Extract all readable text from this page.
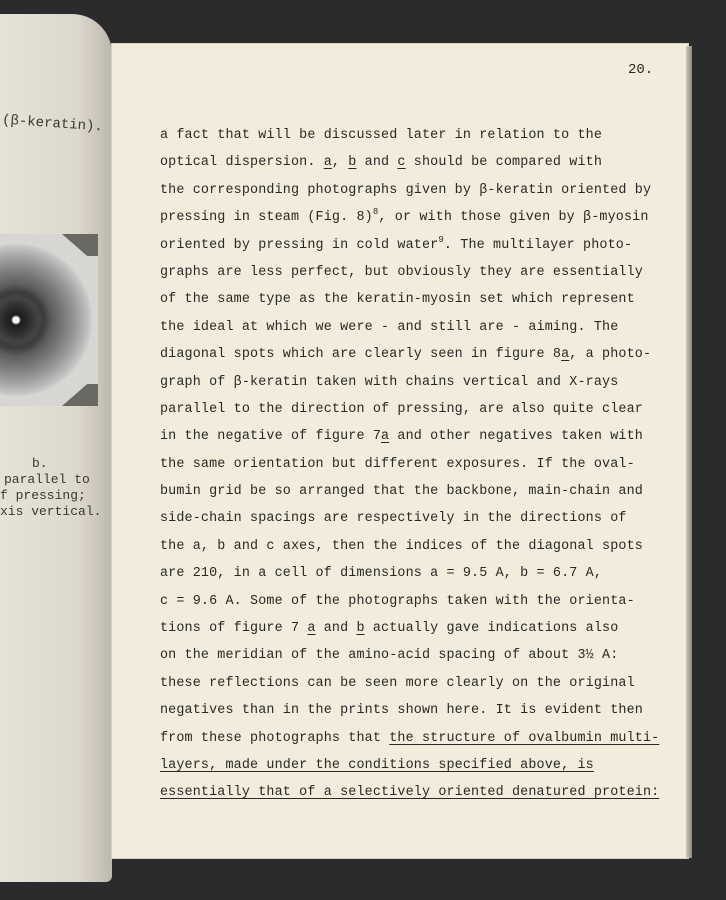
(β-keratin).
b.
parallel to
f pressing;
xis vertical.
20.
a fact that will be discussed later in relation to the
optical dispersion. a, b and c should be compared with
the corresponding photographs given by β-keratin oriented by
pressing in steam (Fig. 8)$^8$, or with those given by β-myosin
oriented by pressing in cold water$^9$. The multilayer photo-
graphs are less perfect, but obviously they are essentially
of the same type as the keratin-myosin set which represent
the ideal at which we were - and still are - aiming. The
diagonal spots which are clearly seen in figure 8a, a photo-
graph of β-keratin taken with chains vertical and X-rays
parallel to the direction of pressing, are also quite clear
in the negative of figure 7a and other negatives taken with
the same orientation but different exposures. If the oval-
bumin grid be so arranged that the backbone, main-chain and
side-chain spacings are respectively in the directions of
the a, b and c axes, then the indices of the diagonal spots
are 210, in a cell of dimensions a = 9.5 A, b = 6.7 A,
c = 9.6 A. Some of the photographs taken with the orienta-
tions of figure 7 a and b actually gave indications also
on the meridian of the amino-acid spacing of about 3½ A:
these reflections can be seen more clearly on the original
negatives than in the prints shown here. It is evident then
from these photographs that the structure of ovalbumin multi-
layers, made under the conditions specified above, is
essentially that of a selectively oriented denatured protein:
